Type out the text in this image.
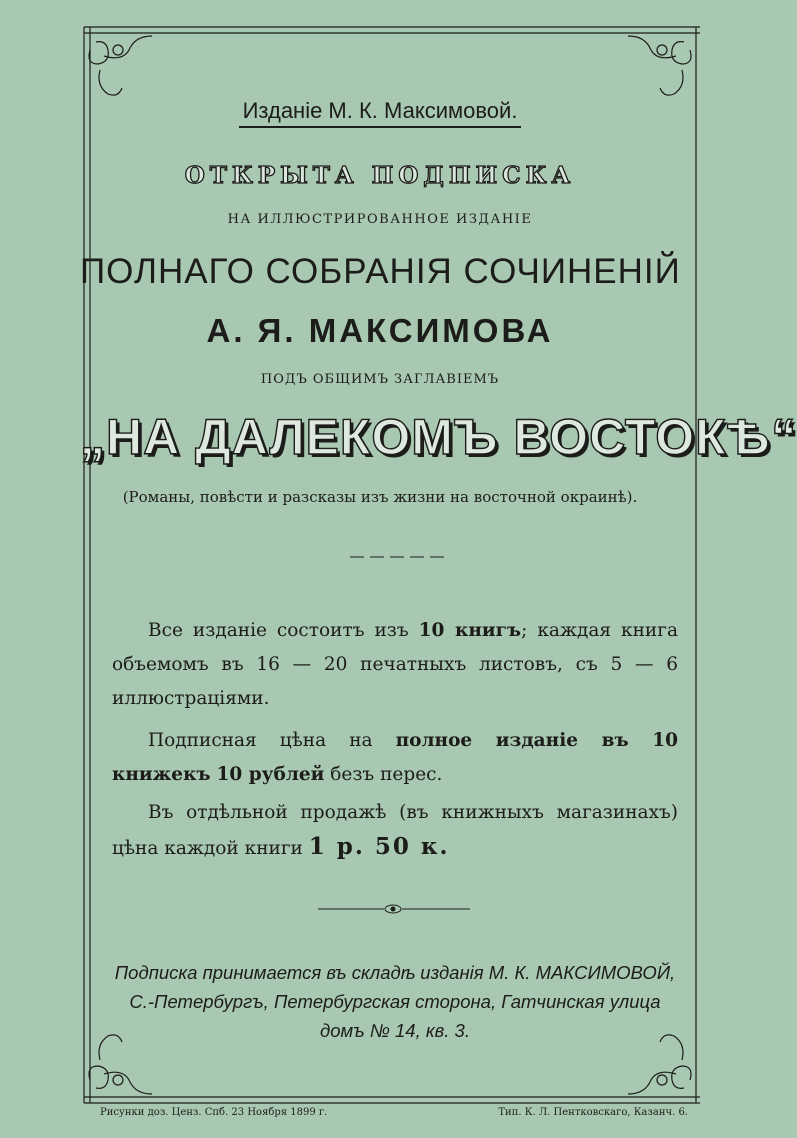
Изданіе М. К. Максимовой.
ОТКРЫТА ПОДПИСКА
НА ИЛЛЮСТРИРОВАННОЕ ИЗДАНІЕ
ПОЛНАГО СОБРАНІЯ СОЧИНЕНІЙ
А. Я. МАКСИМОВА
ПОДЪ ОБЩИМЪ ЗАГЛАВІЕМЪ
„НА ДАЛЕКОМЪ ВОСТОКѢ“
(Романы, повѣсти и разсказы изъ жизни на восточной окраинѣ).
Все изданіе состоитъ изъ 10 книгъ; каждая книга объемомъ въ 16 — 20 печатныхъ листовъ, съ 5 — 6 иллюстраціями.
Подписная цѣна на полное изданіе въ 10 книжекъ 10 рублей безъ перес.
Въ отдѣльной продажѣ (въ книжныхъ магазинахъ) цѣна каждой книги 1 р. 50 к.
Подписка принимается въ складѣ изданія М. К. МАКСИМОВОЙ,
С.-Петербургъ, Петербургская сторона, Гатчинская улица
домъ № 14, кв. 3.
Рисунки доз. Ценз. Спб. 23 Ноября 1899 г.	Тип. К. Л. Пентковскаго, Казанч. 6.
